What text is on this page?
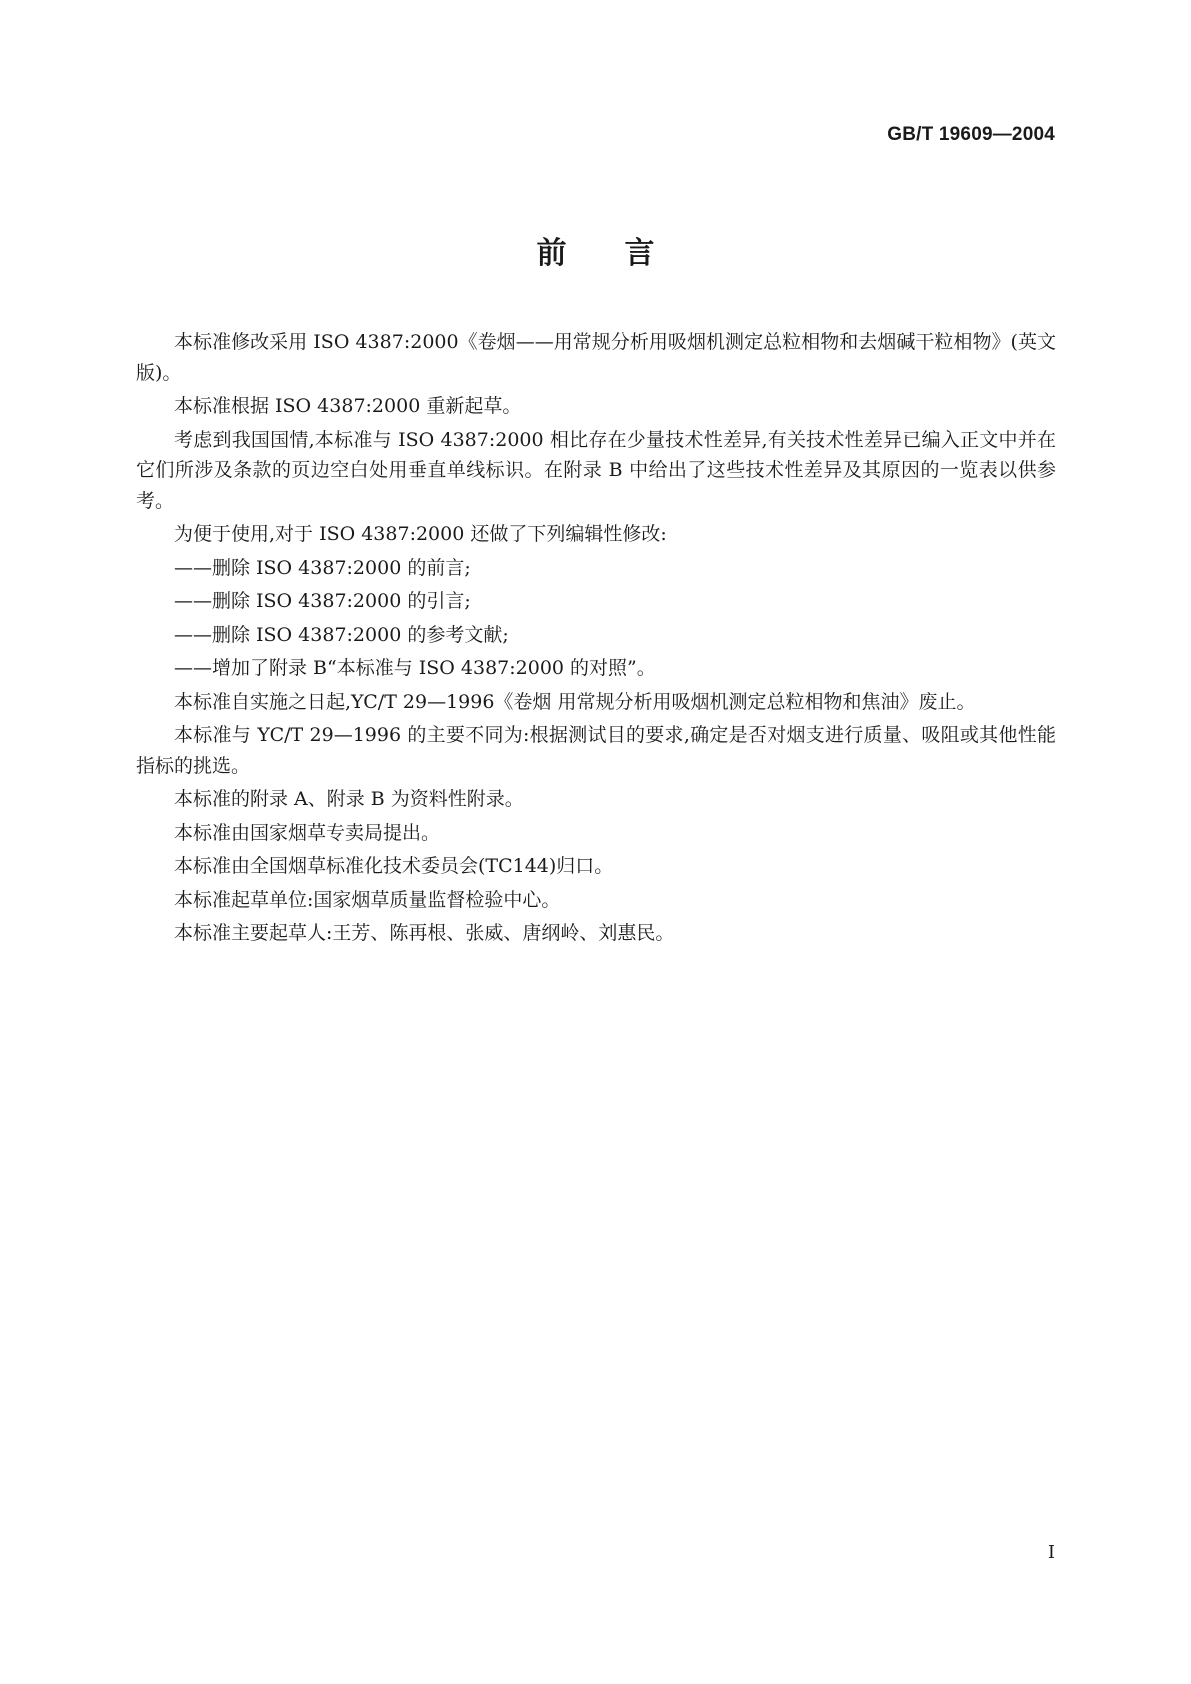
GB/T 19609—2004
前言

本标准修改采用 ISO 4387:2000《卷烟——用常规分析用吸烟机测定总粒相物和去烟碱干粒相物》(英文版)。

本标准根据 ISO 4387:2000 重新起草。

考虑到我国国情,本标准与 ISO 4387:2000 相比存在少量技术性差异,有关技术性差异已编入正文中并在它们所涉及条款的页边空白处用垂直单线标识。在附录 B 中给出了这些技术性差异及其原因的一览表以供参考。

为便于使用,对于 ISO 4387:2000 还做了下列编辑性修改:

——删除 ISO 4387:2000 的前言;

——删除 ISO 4387:2000 的引言;

——删除 ISO 4387:2000 的参考文献;

——增加了附录 B“本标准与 ISO 4387:2000 的对照”。

本标准自实施之日起,YC/T 29—1996《卷烟 用常规分析用吸烟机测定总粒相物和焦油》废止。

本标准与 YC/T 29—1996 的主要不同为:根据测试目的要求,确定是否对烟支进行质量、吸阻或其他性能指标的挑选。

本标准的附录 A、附录 B 为资料性附录。

本标准由国家烟草专卖局提出。

本标准由全国烟草标准化技术委员会(TC144)归口。

本标准起草单位:国家烟草质量监督检验中心。

本标准主要起草人:王芳、陈再根、张威、唐纲岭、刘惠民。

I
